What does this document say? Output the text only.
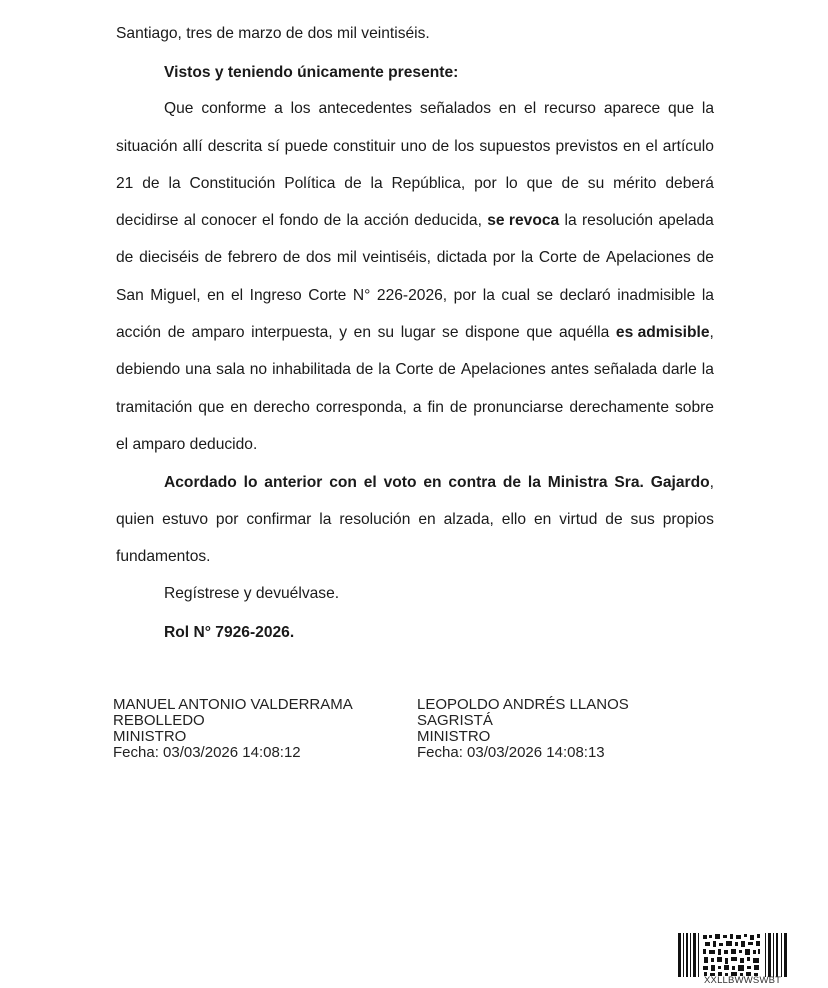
Santiago, tres de marzo de dos mil veintiséis.
Vistos y teniendo únicamente presente:
Que conforme a los antecedentes señalados en el recurso aparece que la
situación allí descrita sí puede constituir uno de los supuestos previstos en el artículo
21 de la Constitución Política de la República, por lo que de su mérito deberá
decidirse al conocer el fondo de la acción deducida, se revoca la resolución apelada
de dieciséis de febrero de dos mil veintiséis, dictada por la Corte de Apelaciones de
San Miguel, en el Ingreso Corte N° 226-2026, por la cual se declaró inadmisible la
acción de amparo interpuesta, y en su lugar se dispone que aquélla es admisible,
debiendo una sala no inhabilitada de la Corte de Apelaciones antes señalada darle la
tramitación que en derecho corresponda, a fin de pronunciarse derechamente sobre
el amparo deducido.
Acordado lo anterior con el voto en contra de la Ministra Sra. Gajardo,
quien estuvo por confirmar la resolución en alzada, ello en virtud de sus propios
fundamentos.
Regístrese y devuélvase.
Rol N° 7926-2026.
MANUEL ANTONIO VALDERRAMA
REBOLLEDO
MINISTRO
Fecha: 03/03/2026 14:08:12
LEOPOLDO ANDRÉS LLANOS
SAGRISTÁ
MINISTRO
Fecha: 03/03/2026 14:08:13
XXLLBWWSWBT
